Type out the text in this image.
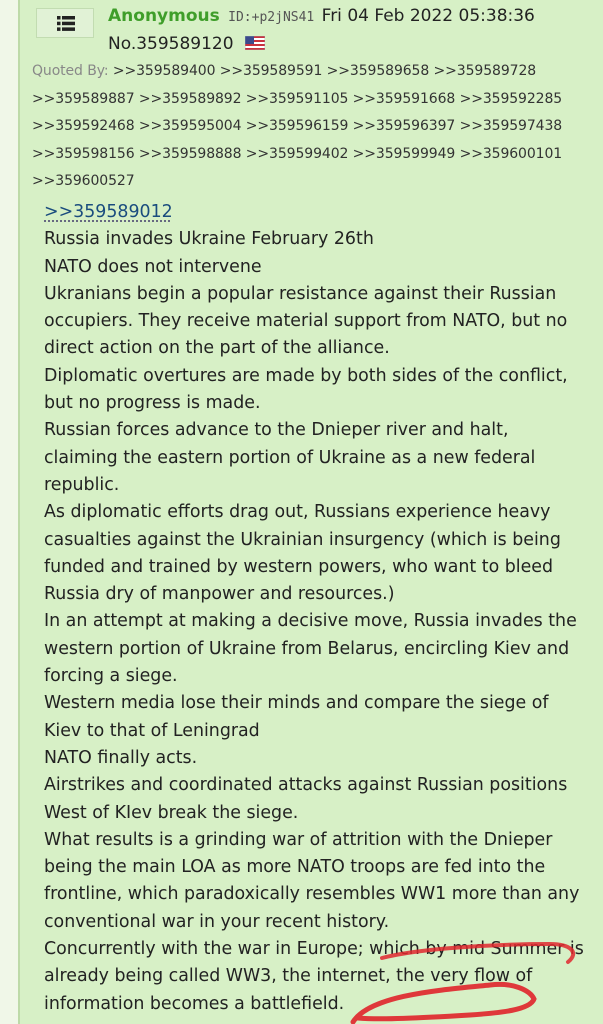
Anonymous ID:+p2jNS41 Fri 04 Feb 2022 05:38:36
No.359589120
Quoted By: >>359589400 >>359589591 >>359589658 >>359589728 >>359589887 >>359589892 >>359591105 >>359591668 >>359592285 >>359592468 >>359595004 >>359596159 >>359596397 >>359597438 >>359598156 >>359598888 >>359599402 >>359599949 >>359600101 >>359600527
>>359589012
Russia invades Ukraine February 26th
NATO does not intervene
Ukranians begin a popular resistance against their Russian
occupiers. They receive material support from NATO, but no
direct action on the part of the alliance.
Diplomatic overtures are made by both sides of the conflict,
but no progress is made.
Russian forces advance to the Dnieper river and halt,
claiming the eastern portion of Ukraine as a new federal
republic.
As diplomatic efforts drag out, Russians experience heavy
casualties against the Ukrainian insurgency (which is being
funded and trained by western powers, who want to bleed
Russia dry of manpower and resources.)
In an attempt at making a decisive move, Russia invades the
western portion of Ukraine from Belarus, encircling Kiev and
forcing a siege.
Western media lose their minds and compare the siege of
Kiev to that of Leningrad
NATO finally acts.
Airstrikes and coordinated attacks against Russian positions
West of KIev break the siege.
What results is a grinding war of attrition with the Dnieper
being the main LOA as more NATO troops are fed into the
frontline, which paradoxically resembles WW1 more than any
conventional war in your recent history.
Concurrently with the war in Europe; which by mid Summer is
already being called WW3, the internet, the very flow of
information becomes a battlefield.
